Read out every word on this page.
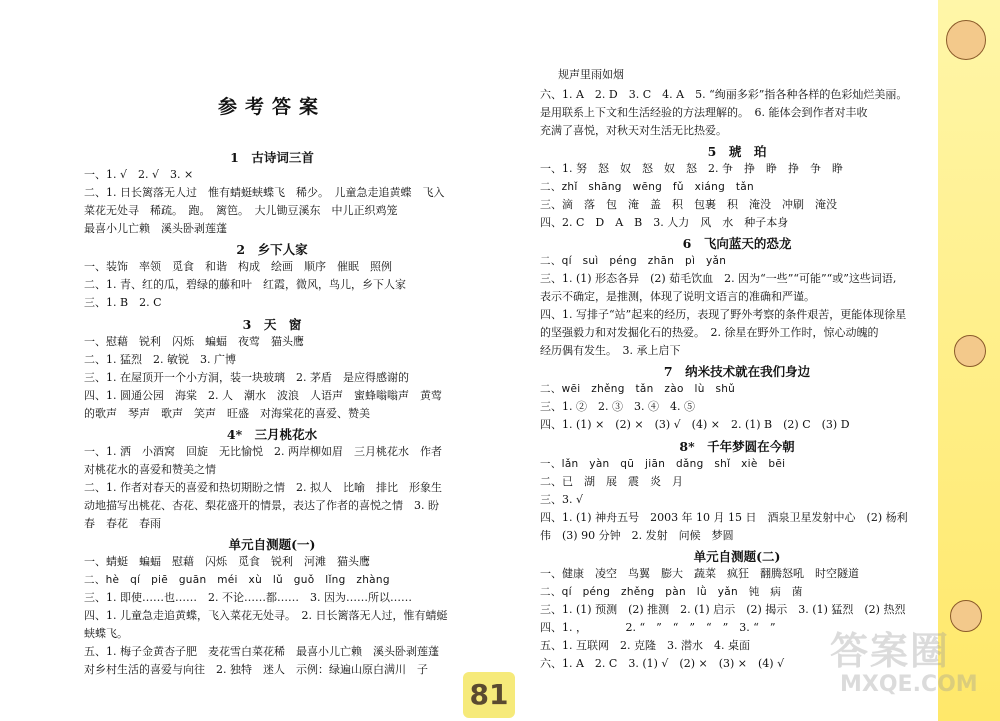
参考答案
1　古诗词三首
一、1. √　2. √　3. ×
二、1. 日长篱落无人过　惟有蜻蜓蛱蝶飞　稀少。　儿童急走追黄蝶　飞入
菜花无处寻　稀疏。　跑。　篱笆。　大儿锄豆溪东　中儿正织鸡笼
最喜小儿亡赖　溪头卧剥莲蓬
2　乡下人家
一、装饰　率领　觅食　和谐　构成　绘画　顺序　催眠　照例
二、1. 青、红的瓜，碧绿的藤和叶　红霞，微风，鸟儿，乡下人家
三、1. B　2. C
3　天　窗
一、慰藉　锐利　闪烁　蝙蝠　夜莺　猫头鹰
二、1. 猛烈　2. 敏锐　3. 广博
三、1. 在屋顶开一个小方洞，装一块玻璃　2. 茅盾　是应得感谢的
四、1. 圆通公园　海棠　2. 人　潮水　波浪　人语声　蜜蜂嗡嗡声　黄莺
的歌声　琴声　歌声　笑声　旺盛　对海棠花的喜爱、赞美
4*　三月桃花水
一、1. 洒　小酒窝　回旋　无比愉悦　2. 两岸柳如眉　三月桃花水　作者
对桃花水的喜爱和赞美之情
二、1. 作者对春天的喜爱和热切期盼之情　2. 拟人　比喻　排比　形象生
动地描写出桃花、杏花、梨花盛开的情景，表达了作者的喜悦之情　3. 盼
春　春花　春雨
单元自测题(一)
一、蜻蜓　蝙蝠　慰藉　闪烁　觅食　锐利　河滩　猫头鹰
二、hè　qí　piē　guān　méi　xù　lǔ　guǒ　lǐng　zhàng
三、1. 即使……也……　2. 不论……都……　3. 因为……所以……
四、1. 儿童急走追黄蝶，飞入菜花无处寻。　2. 日长篱落无人过，惟有蜻蜓
蛱蝶飞。
五、1. 梅子金黄杏子肥　麦花雪白菜花稀　最喜小儿亡赖　溪头卧剥莲蓬
对乡村生活的喜爱与向往　2. 独特　迷人　示例：绿遍山原白满川　子
规声里雨如烟
六、1. A　2. D　3. C　4. A　5. “绚丽多彩”指各种各样的色彩灿烂美丽。
是用联系上下文和生活经验的方法理解的。　6. 能体会到作者对丰收
充满了喜悦，对秋天对生活无比热爱。
5　琥　珀
一、1. 努　怒　奴　怒　奴　怒　2. 争　挣　睁　挣　争　睁
二、zhǐ　shāng　wēng　fǔ　xiáng　tǎn
三、滴　落　包　淹　盖　积　包裹　积　淹没　冲刷　淹没
四、2. C　D　A　B　3. 人力　风　水　种子本身
6　飞向蓝天的恐龙
二、qí　suì　péng　zhān　pì　yǎn
三、1. (1) 形态各异　(2) 茹毛饮血　2. 因为“一些”“可能”“或”这些词语,
表示不确定，是推测，体现了说明文语言的准确和严谨。
四、1. 写排子“站”起来的经历，表现了野外考察的条件艰苦，更能体现徐星
的坚强毅力和对发掘化石的热爱。　2. 徐星在野外工作时，惊心动魄的
经历偶有发生。　3. 承上启下
7　纳米技术就在我们身边
二、wēi　zhěng　tǎn　zào　lù　shǔ
三、1. ②　2. ③　3. ④　4. ⑤
四、1. (1) ×　(2) ×　(3) √　(4) ×　2. (1) B　(2) C　(3) D
8*　千年梦圆在今朝
一、lǎn　yàn　qū　jiān　dǎng　shǐ　xiè　bēi
二、已　湖　展　震　炎　月
三、3. √
四、1. (1) 神舟五号　2003 年 10 月 15 日　酒泉卫星发射中心　(2) 杨利
伟　(3) 90 分钟　2. 发射　问候　梦圆
单元自测题(二)
一、健康　凌空　鸟翼　膨大　蔬菜　疯狂　翻腾怒吼　时空隧道
二、qí　péng　zhěng　pàn　lǜ　yǎn　钝　病　菌
三、1. (1) 预测　(2) 推测　2. (1) 启示　(2) 揭示　3. (1) 猛烈　(2) 热烈
四、1. ，　　　　2. “　”　“　”　“　”　3. “　”
五、1. 互联网　2. 克隆　3. 潜水　4. 桌面
六、1. A　2. C　3. (1) √　(2) ×　(3) ×　(4) √
81
答案圈
MXQE.COM
